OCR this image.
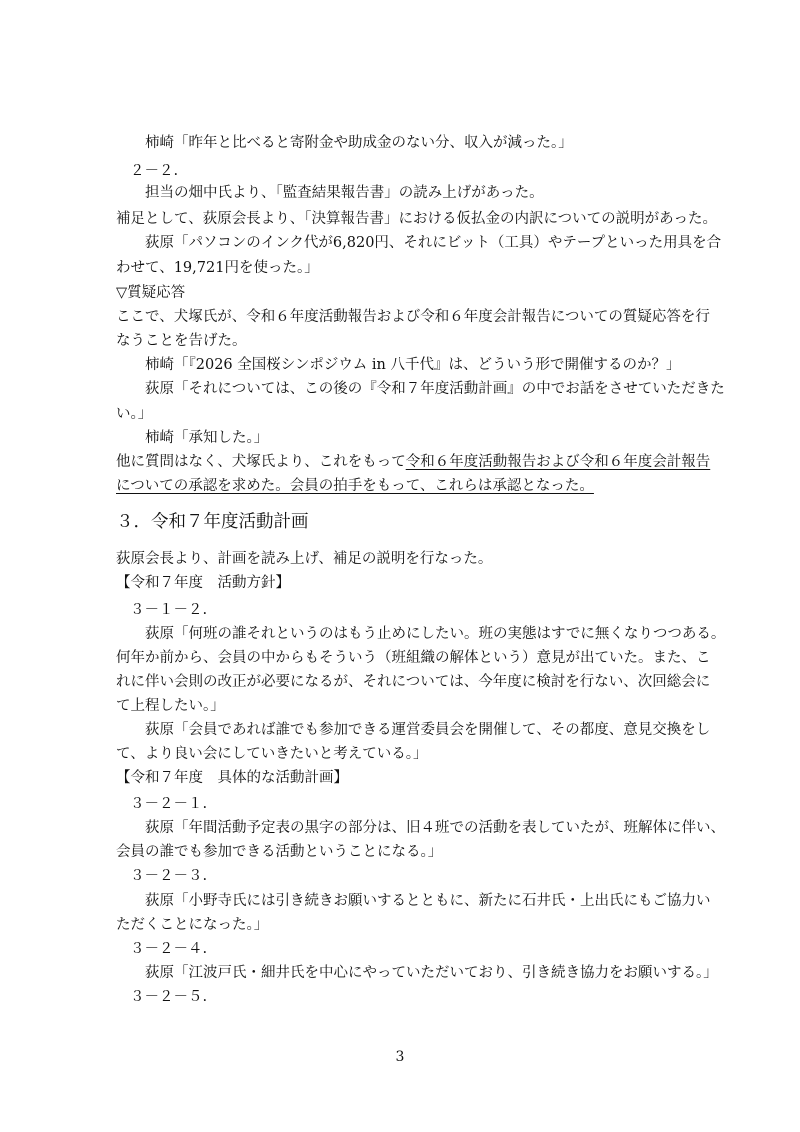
柿崎「昨年と比べると寄附金や助成金のない分、収入が減った。」
２－２.
担当の畑中氏より、「監査結果報告書」の読み上げがあった。
補足として、荻原会長より、「決算報告書」における仮払金の内訳についての説明があった。
荻原「パソコンのインク代が6,820円、それにビット（工具）やテープといった用具を合
わせて、19,721円を使った。」
▽質疑応答
ここで、犬塚氏が、令和６年度活動報告および令和６年度会計報告についての質疑応答を行
なうことを告げた。
柿崎「『2026 全国桜シンポジウム in 八千代』は、どういう形で開催するのか？」
荻原「それについては、この後の『令和７年度活動計画』の中でお話をさせていただきた
い。」
柿崎「承知した。」
他に質問はなく、犬塚氏より、これをもって令和６年度活動報告および令和６年度会計報告
についての承認を求めた。会員の拍手をもって、これらは承認となった。
３．令和７年度活動計画
荻原会長より、計画を読み上げ、補足の説明を行なった。
【令和７年度　活動方針】
３－１－２.
荻原「何班の誰それというのはもう止めにしたい。班の実態はすでに無くなりつつある。
何年か前から、会員の中からもそういう（班組織の解体という）意見が出ていた。また、こ
れに伴い会則の改正が必要になるが、それについては、今年度に検討を行ない、次回総会に
て上程したい。」
荻原「会員であれば誰でも参加できる運営委員会を開催して、その都度、意見交換をし
て、より良い会にしていきたいと考えている。」
【令和７年度　具体的な活動計画】
３－２－１.
荻原「年間活動予定表の黒字の部分は、旧４班での活動を表していたが、班解体に伴い、
会員の誰でも参加できる活動ということになる。」
３－２－３.
荻原「小野寺氏には引き続きお願いするとともに、新たに石井氏・上出氏にもご協力い
ただくことになった。」
３－２－４.
荻原「江波戸氏・細井氏を中心にやっていただいており、引き続き協力をお願いする。」
３－２－５.
3
